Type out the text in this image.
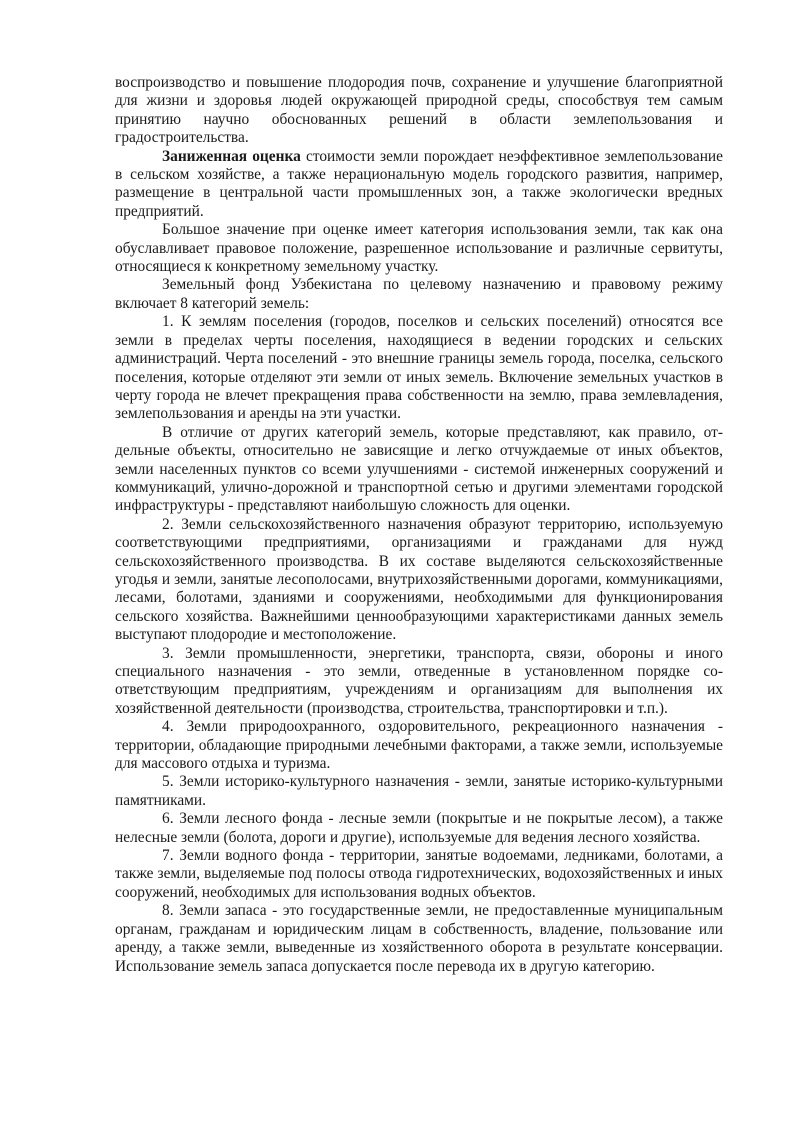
воспроизводство и повышение плодородия почв, сохранение и улучшение благоприятной для жизни и здоровья людей окружающей природной среды, способствуя тем самым принятию научно обоснованных решений в области землепользования и градостроительства.

Заниженная оценка стоимости земли порождает неэффективное землепользование в сельском хозяйстве, а также нерациональную модель городского развития, например, размещение в центральной части промышленных зон, а также экологически вредных предприятий.

Большое значение при оценке имеет категория использования земли, так как она обуславливает правовое положение, разрешенное использование и различные сервитуты, относящиеся к конкретному земельному участку.

Земельный фонд Узбекистана по целевому назначению и правовому режиму включает 8 категорий земель:

1. К землям поселения (городов, поселков и сельских поселений) относятся все земли в пределах черты поселения, находящиеся в ведении городских и сельских администраций. Черта поселений - это внешние границы земель города, поселка, сельского поселения, которые отделяют эти земли от иных земель. Включение земельных участков в черту города не влечет прекращения права собственности на землю, права землевладения, землепользования и аренды на эти участки.

В отличие от других категорий земель, которые представляют, как правило, отдельные объекты, относительно не зависящие и легко отчуждаемые от иных объектов, земли населенных пунктов со всеми улучшениями - системой инженерных сооружений и коммуникаций, улично-дорожной и транспортной сетью и другими элементами городской инфраструктуры - представляют наибольшую сложность для оценки.

2. Земли сельскохозяйственного назначения образуют территорию, используемую соответствующими предприятиями, организациями и гражданами для нужд сельскохозяйственного производства. В их составе выделяются сельскохозяйственные угодья и земли, занятые лесополосами, внутрихозяйственными дорогами, коммуникациями, лесами, болотами, зданиями и сооружениями, необходимыми для функционирования сельского хозяйства. Важнейшими ценнообразующими характеристиками данных земель выступают плодородие и местоположение.

3. Земли промышленности, энергетики, транспорта, связи, обороны и иного специального назначения - это земли, отведенные в установленном порядке соответствующим предприятиям, учреждениям и организациям для выполнения их хозяйственной деятельности (производства, строительства, транспортировки и т.п.).

4. Земли природоохранного, оздоровительного, рекреационного назначения - территории, обладающие природными лечебными факторами, а также земли, используемые для массового отдыха и туризма.

5. Земли историко-культурного назначения - земли, занятые историко-культурными памятниками.

6. Земли лесного фонда - лесные земли (покрытые и не покрытые лесом), а также нелесные земли (болота, дороги и другие), используемые для ведения лесного хозяйства.

7. Земли водного фонда - территории, занятые водоемами, ледниками, болотами, а также земли, выделяемые под полосы отвода гидротехнических, водохозяйственных и иных сооружений, необходимых для использования водных объектов.

8. Земли запаса - это государственные земли, не предоставленные муниципальным органам, гражданам и юридическим лицам в собственность, владение, пользование или аренду, а также земли, выведенные из хозяйственного оборота в результате консервации. Использование земель запаса допускается после перевода их в другую категорию.
